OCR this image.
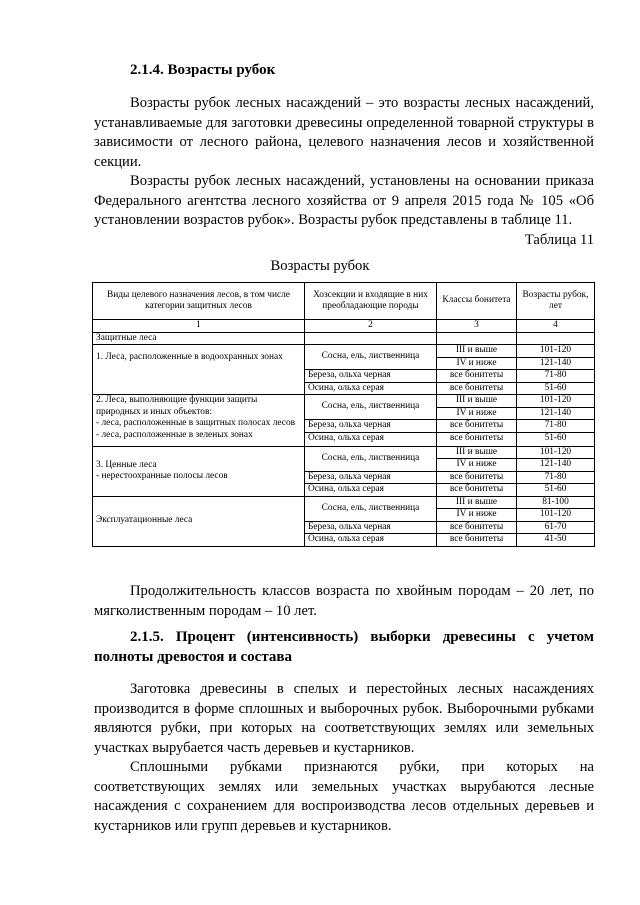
2.1.4. Возрасты рубок

Возрасты рубок лесных насаждений – это возрасты лесных насаждений, устанавливаемые для заготовки древесины определенной товарной структуры в зависимости от лесного района, целевого назначения лесов и хозяйственной секции.

Возрасты рубок лесных насаждений, установлены на основании приказа Федерального агентства лесного хозяйства от 9 апреля 2015 года № 105 «Об установлении возрастов рубок». Возрасты рубок представлены в таблице 11.

Таблица 11
Возрасты рубок
Виды целевого назначения лесов, в том числе категории защитных лесов	Хозсекции и входящие в них преобладающие породы	Классы бонитета	Возрасты рубок, лет
1	2	3	4
Защитные леса			
1. Леса, расположенные в водоохранных зонах	Сосна, ель, лиственница	III и выше	101-120
		IV и ниже	121-140
	Береза, ольха черная	все бонитеты	71-80
	Осина, ольха серая	все бонитеты	51-60

2. Леса, выполняющие функции защиты природных и иных объектов:
- леса, расположенные в защитных полосах лесов
- леса, расположенные в зеленых зонах	Сосна, ель, лиственница	III и выше	101-120
		IV и ниже	121-140
	Береза, ольха черная	все бонитеты	71-80
	Осина, ольха серая	все бонитеты	51-60

3. Ценные леса
- нерестоохранные полосы лесов	Сосна, ель, лиственница	III и выше	101-120
		IV и ниже	121-140
	Береза, ольха черная	все бонитеты	71-80
	Осина, ольха серая	все бонитеты	51-60
Эксплуатационные леса	Сосна, ель, лиственница	III и выше	81-100
		IV и ниже	101-120
	Береза, ольха черная	все бонитеты	61-70
	Осина, ольха серая	все бонитеты	41-50

Продолжительность классов возраста по хвойным породам – 20 лет, по мягколиственным породам – 10 лет.

2.1.5. Процент (интенсивность) выборки древесины с учетом полноты древостоя и состава

Заготовка древесины в спелых и перестойных лесных насаждениях производится в форме сплошных и выборочных рубок. Выборочными рубками являются рубки, при которых на соответствующих землях или земельных участках вырубается часть деревьев и кустарников.

Сплошными рубками признаются рубки, при которых на соответствующих землях или земельных участках вырубаются лесные насаждения с сохранением для воспроизводства лесов отдельных деревьев и кустарников или групп деревьев и кустарников.
